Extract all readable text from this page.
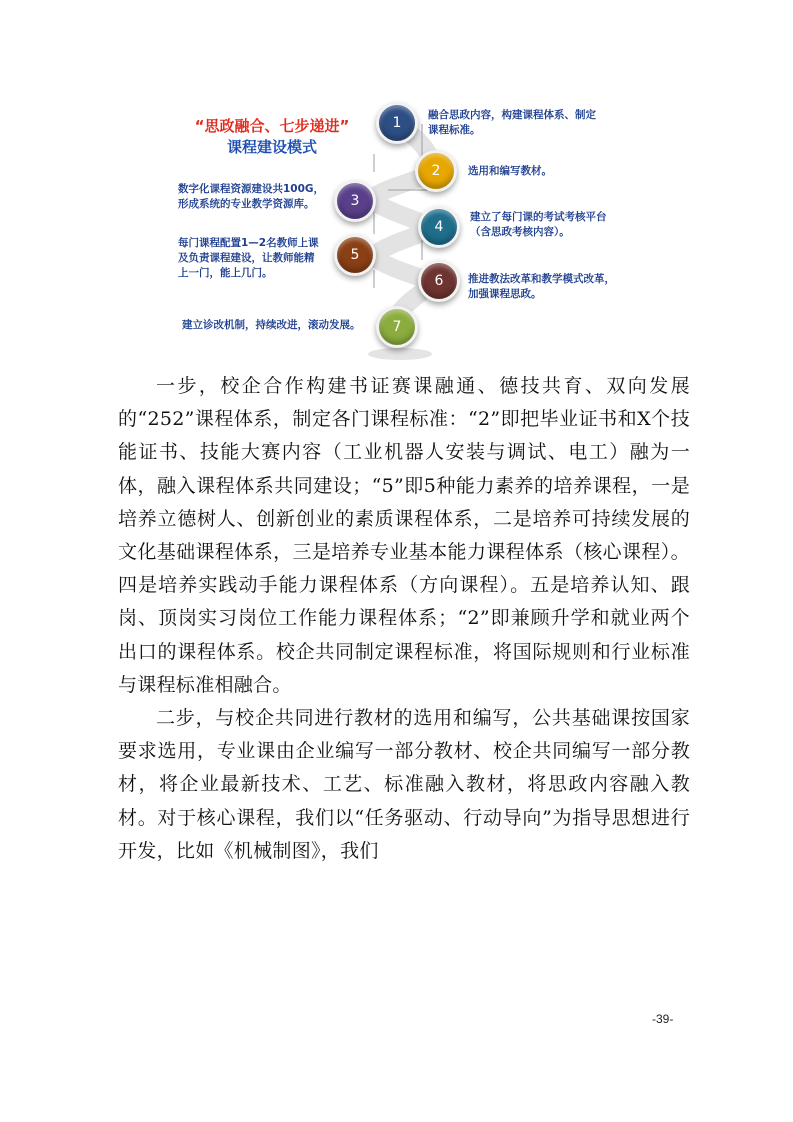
“思政融合、七步递进”
课程建设模式
1	融合思政内容，构建课程体系、制定
课程标准。
2	选用和编写教材。
3
数字化课程资源建设共100G，
形成系统的专业教学资源库。
4
建立了每门课的考试考核平台
（含思政考核内容）。
5
每门课程配置1—2名教师上课
及负责课程建设，让教师能精
上一门，能上几门。	6	推进教法改革和教学模式改革，
加强课程思政。
7
建立诊改机制，持续改进，滚动发展。

一步，校企合作构建书证赛课融通、德技共育、双向发展的“252”课程体系，制定各门课程标准：“2”即把毕业证书和X个技能证书、技能大赛内容（工业机器人安装与调试、电工）融为一体，融入课程体系共同建设；“5”即5种能力素养的培养课程，一是培养立德树人、创新创业的素质课程体系，二是培养可持续发展的文化基础课程体系，三是培养专业基本能力课程体系（核心课程）。四是培养实践动手能力课程体系（方向课程）。五是培养认知、跟岗、顶岗实习岗位工作能力课程体系；“2”即兼顾升学和就业两个出口的课程体系。校企共同制定课程标准，将国际规则和行业标准与课程标准相融合。

二步，与校企共同进行教材的选用和编写，公共基础课按国家要求选用，专业课由企业编写一部分教材、校企共同编写一部分教材，将企业最新技术、工艺、标准融入教材，将思政内容融入教材。对于核心课程，我们以“任务驱动、行动导向”为指导思想进行开发，比如《机械制图》，我们

-39-
